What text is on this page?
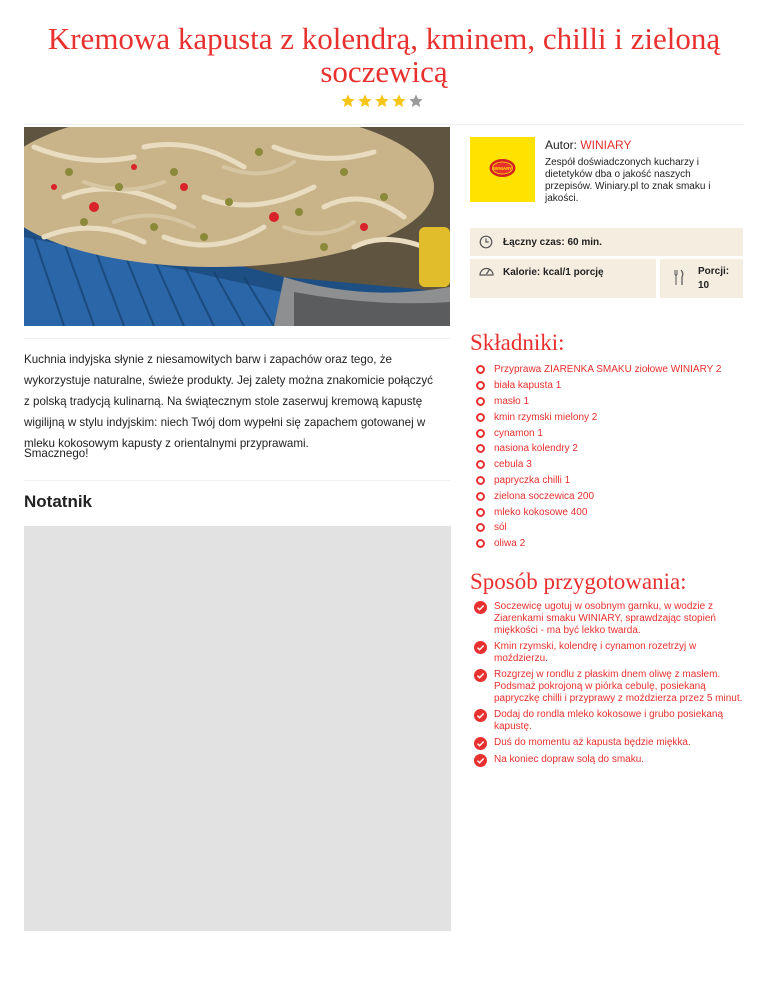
Kremowa kapusta z kolendrą, kminem, chilli i zieloną soczewicą

Kuchnia indyjska słynie z niesamowitych barw i zapachów oraz tego, że wykorzystuje naturalne, świeże produkty. Jej zalety można znakomicie połączyć z polską tradycją kulinarną. Na świątecznym stole zaserwuj kremową kapustę wigilijną w stylu indyjskim: niech Twój dom wypełni się zapachem gotowanej w mleku kokosowym kapusty z orientalnymi przyprawami.

Smacznego!

Notatnik
WINIARY
Autor: WINIARY
Zespół doświadczonych kucharzy i dietetyków dba o jakość naszych przepisów. Winiary.pl to znak smaku i jakości.
Łączny czas: 60 min.
Kalorie: kcal/1 porcję	Porcji:
10
Składniki:
Przyprawa ZIARENKA SMAKU ziołowe WINIARY 2
biała kapusta 1
masło 1
kmin rzymski mielony 2
cynamon 1
nasiona kolendry 2
cebula 3
papryczka chilli 1
zielona soczewica 200
mleko kokosowe 400
sól
oliwa 2
Sposób przygotowania:
Soczewicę ugotuj w osobnym garnku, w wodzie z Ziarenkami smaku WINIARY, sprawdzając stopień miękkości - ma być lekko twarda.
Kmin rzymski, kolendrę i cynamon rozetrzyj w moździerzu.
Rozgrzej w rondlu z płaskim dnem oliwę z masłem. Podsmaż pokrojoną w piórka cebulę, posiekaną papryczkę chilli i przyprawy z moździerza przez 5 minut.
Dodaj do rondla mleko kokosowe i grubo posiekaną kapustę.
Duś do momentu aż kapusta będzie miękka.
Na koniec dopraw solą do smaku.
